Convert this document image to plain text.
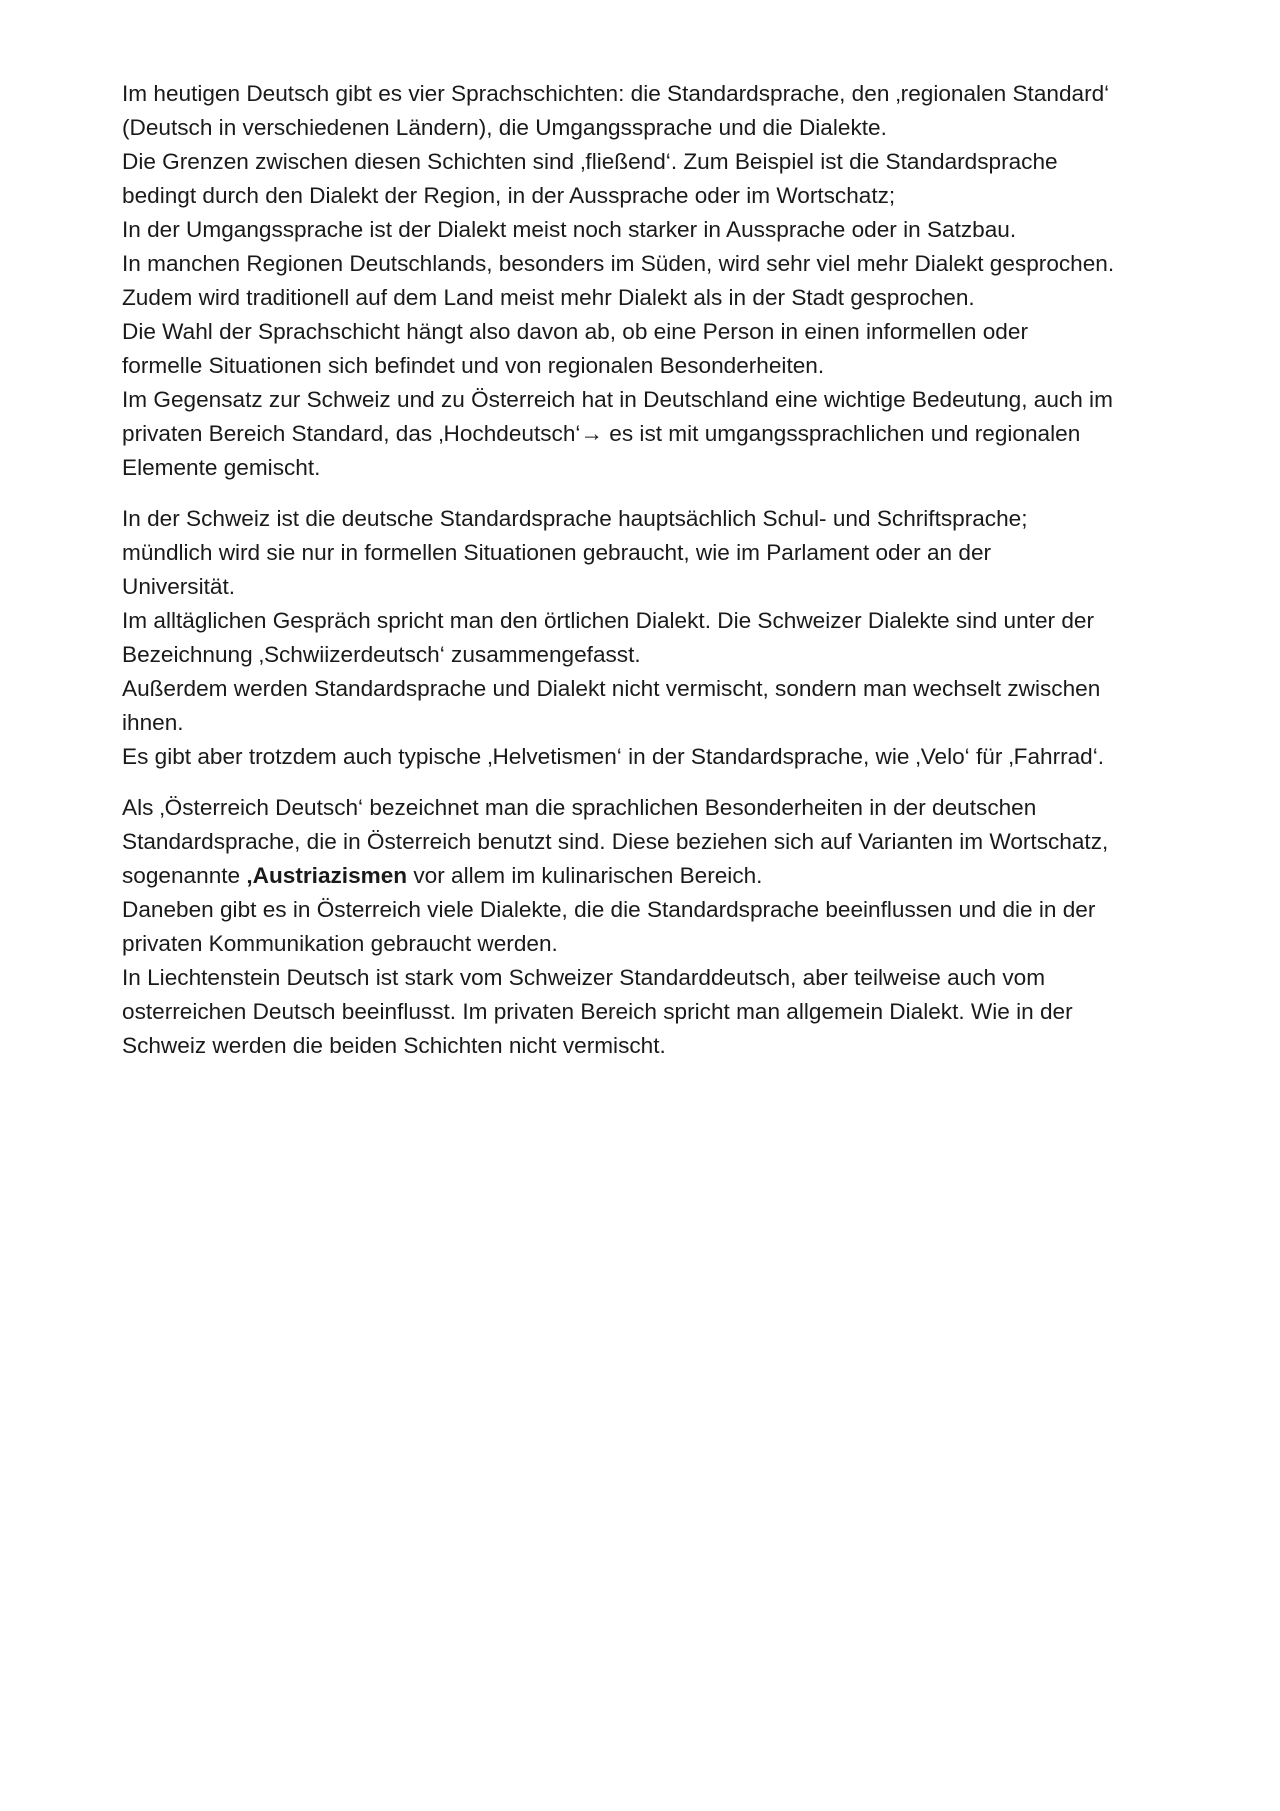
Im heutigen Deutsch gibt es vier Sprachschichten: die Standardsprache, den ‚regionalen Standard‘
(Deutsch in verschiedenen Ländern), die Umgangssprache und die Dialekte.
Die Grenzen zwischen diesen Schichten sind ‚fließend‘. Zum Beispiel ist die Standardsprache
bedingt durch den Dialekt der Region, in der Aussprache oder im Wortschatz;
In der Umgangssprache ist der Dialekt meist noch starker in Aussprache oder in Satzbau.
In manchen Regionen Deutschlands, besonders im Süden, wird sehr viel mehr Dialekt gesprochen.
Zudem wird traditionell auf dem Land meist mehr Dialekt als in der Stadt gesprochen.
Die Wahl der Sprachschicht hängt also davon ab, ob eine Person in einen informellen oder
formelle Situationen sich befindet und von regionalen Besonderheiten.
Im Gegensatz zur Schweiz und zu Österreich hat in Deutschland eine wichtige Bedeutung, auch im
privaten Bereich Standard, das ‚Hochdeutsch‘→ es ist mit umgangssprachlichen und regionalen
Elemente gemischt.
In der Schweiz ist die deutsche Standardsprache hauptsächlich Schul- und Schriftsprache;
mündlich wird sie nur in formellen Situationen gebraucht, wie im Parlament oder an der
Universität.
Im alltäglichen Gespräch spricht man den örtlichen Dialekt. Die Schweizer Dialekte sind unter der
Bezeichnung ‚Schwiizerdeutsch‘ zusammengefasst.
Außerdem werden Standardsprache und Dialekt nicht vermischt, sondern man wechselt zwischen
ihnen.
Es gibt aber trotzdem auch typische ‚Helvetismen‘ in der Standardsprache, wie ‚Velo‘ für ‚Fahrrad‘.
Als ‚Österreich Deutsch‘ bezeichnet man die sprachlichen Besonderheiten in der deutschen
Standardsprache, die in Österreich benutzt sind. Diese beziehen sich auf Varianten im Wortschatz,
sogenannte ‚Austriazismen vor allem im kulinarischen Bereich.
Daneben gibt es in Österreich viele Dialekte, die die Standardsprache beeinflussen und die in der
privaten Kommunikation gebraucht werden.
In Liechtenstein Deutsch ist stark vom Schweizer Standarddeutsch, aber teilweise auch vom
osterreichen Deutsch beeinflusst. Im privaten Bereich spricht man allgemein Dialekt. Wie in der
Schweiz werden die beiden Schichten nicht vermischt.
